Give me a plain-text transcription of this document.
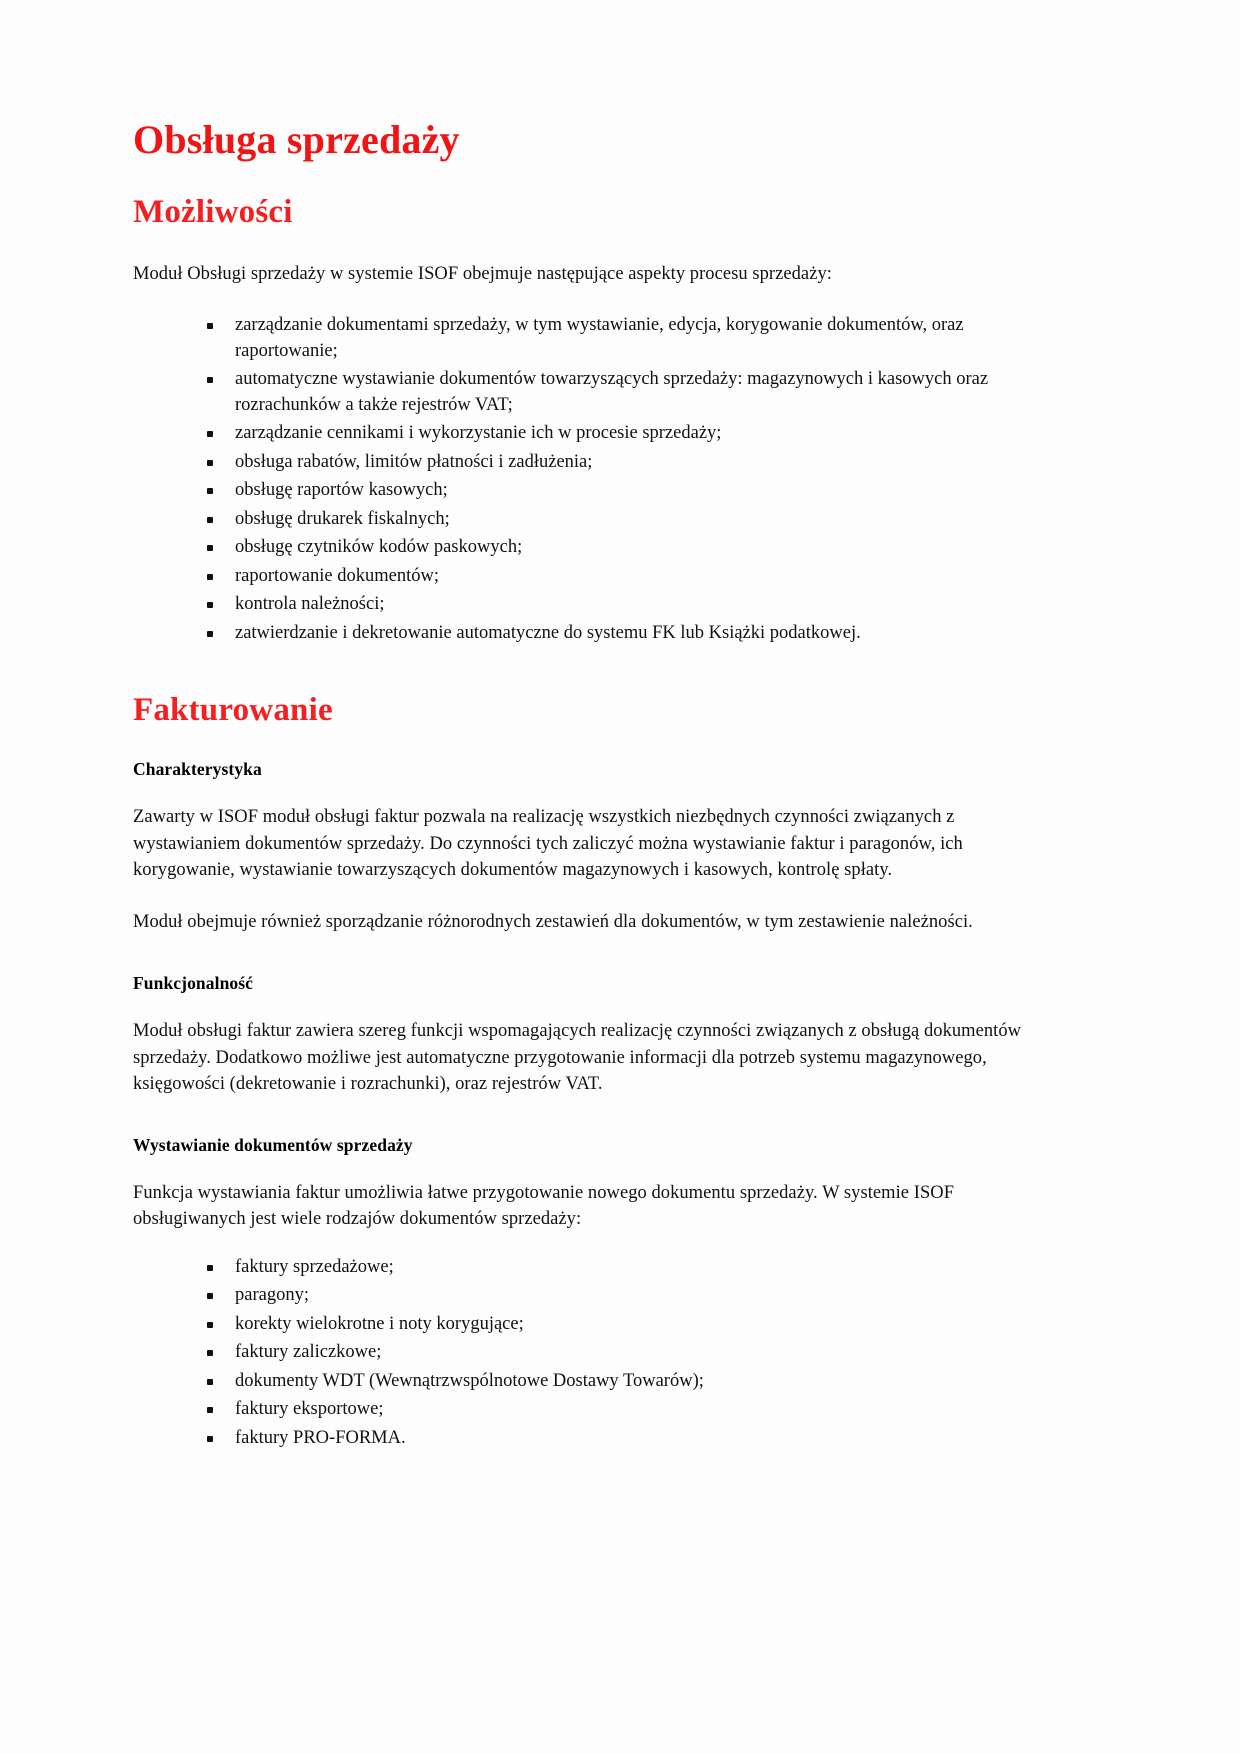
Obsługa sprzedaży
Możliwości

Moduł Obsługi sprzedaży w systemie ISOF obejmuje następujące aspekty procesu sprzedaży:

zarządzanie dokumentami sprzedaży, w tym wystawianie, edycja, korygowanie dokumentów, oraz raportowanie;
automatyczne wystawianie dokumentów towarzyszących sprzedaży: magazynowych i kasowych oraz rozrachunków a także rejestrów VAT;
zarządzanie cennikami i wykorzystanie ich w procesie sprzedaży;
obsługa rabatów, limitów płatności i zadłużenia;
obsługę raportów kasowych;
obsługę drukarek fiskalnych;
obsługę czytników kodów paskowych;
raportowanie dokumentów;
kontrola należności;
zatwierdzanie i dekretowanie automatyczne do systemu FK lub Książki podatkowej.
Fakturowanie
Charakterystyka

Zawarty w ISOF moduł obsługi faktur pozwala na realizację wszystkich niezbędnych czynności związanych z wystawianiem dokumentów sprzedaży. Do czynności tych zaliczyć można wystawianie faktur i paragonów, ich korygowanie, wystawianie towarzyszących dokumentów magazynowych i kasowych, kontrolę spłaty.

Moduł obejmuje również sporządzanie różnorodnych zestawień dla dokumentów, w tym zestawienie należności.

Funkcjonalność

Moduł obsługi faktur zawiera szereg funkcji wspomagających realizację czynności związanych z obsługą dokumentów sprzedaży. Dodatkowo możliwe jest automatyczne przygotowanie informacji dla potrzeb systemu magazynowego, księgowości (dekretowanie i rozrachunki), oraz rejestrów VAT.

Wystawianie dokumentów sprzedaży

Funkcja wystawiania faktur umożliwia łatwe przygotowanie nowego dokumentu sprzedaży. W systemie ISOF obsługiwanych jest wiele rodzajów dokumentów sprzedaży:

faktury sprzedażowe;
paragony;
korekty wielokrotne i noty korygujące;
faktury zaliczkowe;
dokumenty WDT (Wewnątrzwspólnotowe Dostawy Towarów);
faktury eksportowe;
faktury PRO-FORMA.
